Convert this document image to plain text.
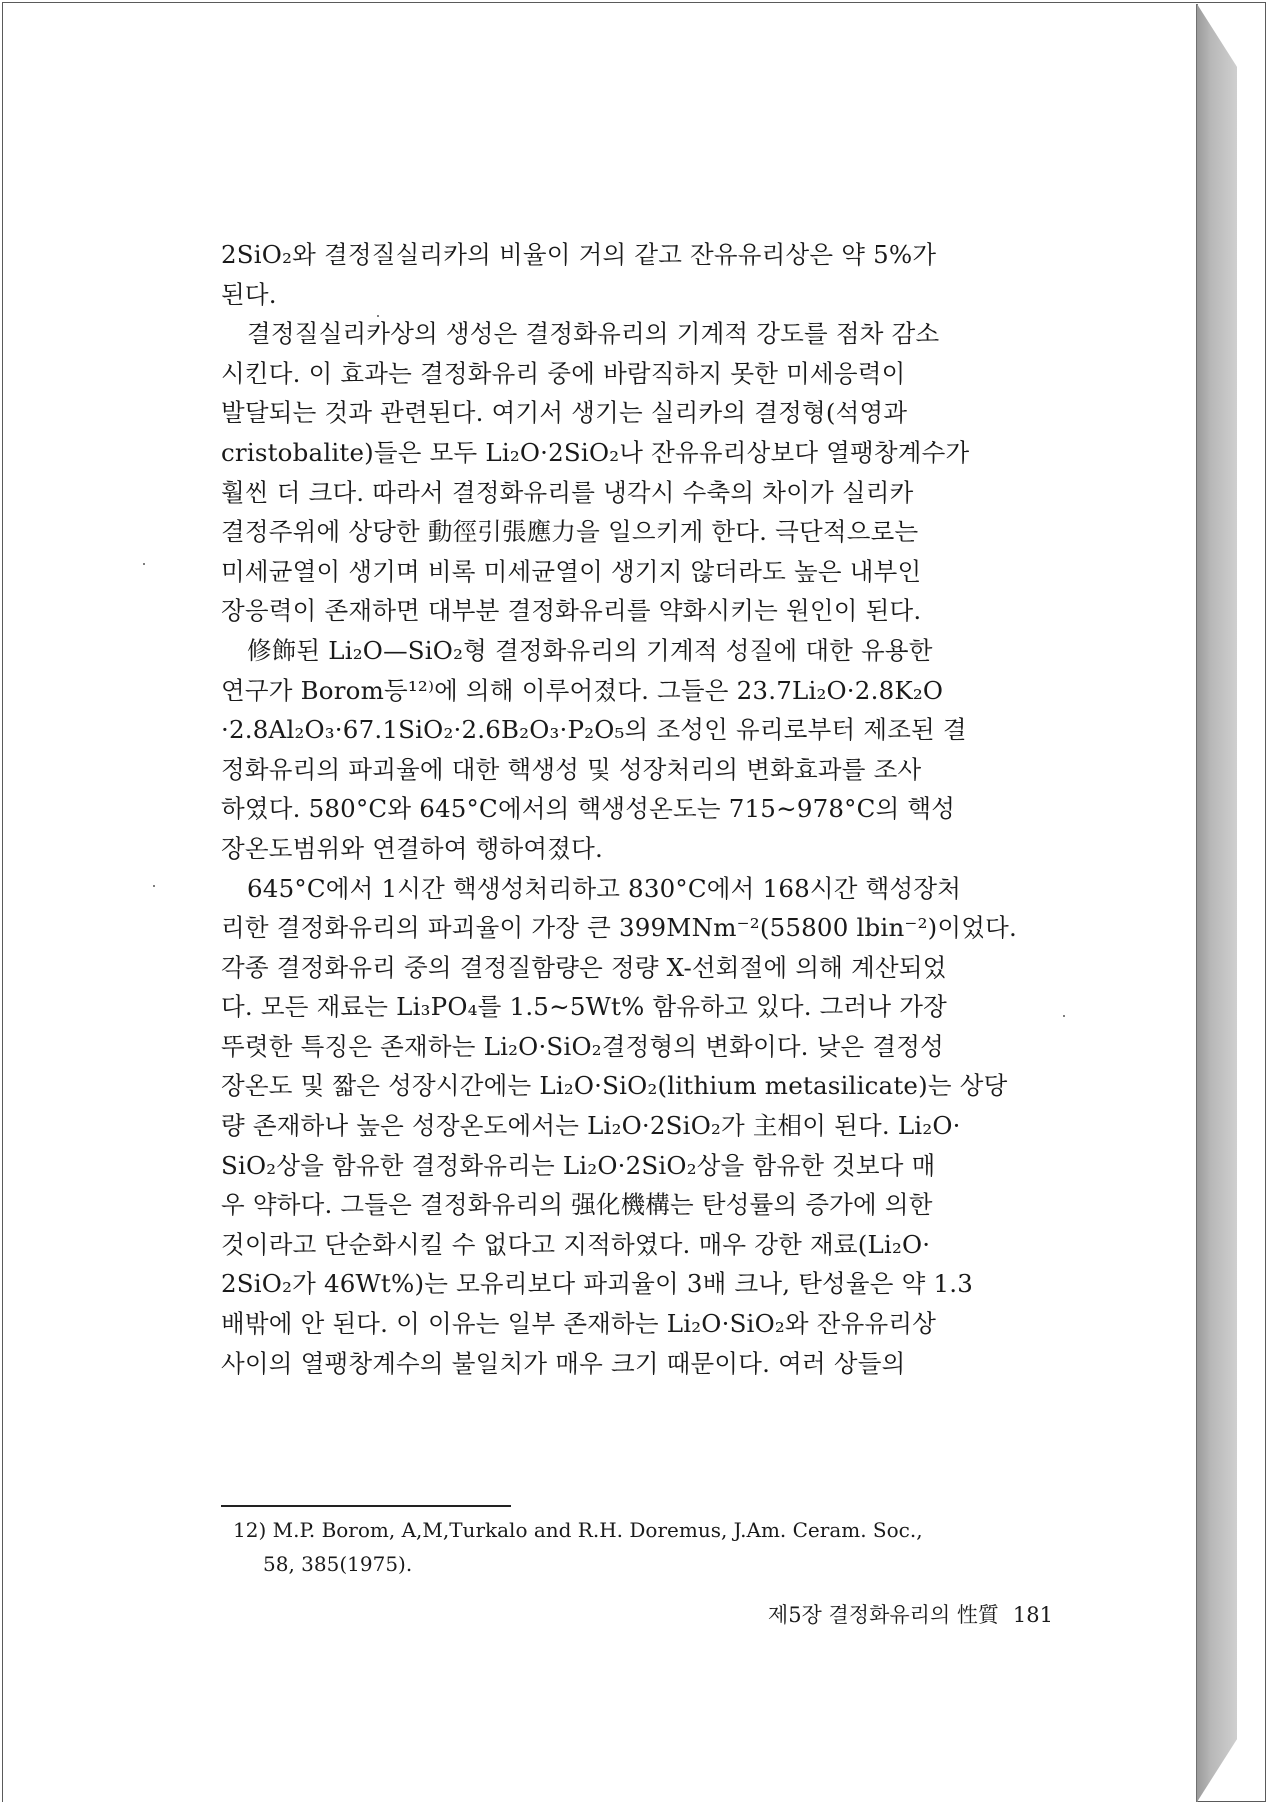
2SiO₂와 결정질실리카의 비율이 거의 같고 잔유유리상은 약 5%가
된다.
결정질실리카상의 생성은 결정화유리의 기계적 강도를 점차 감소
시킨다. 이 효과는 결정화유리 중에 바람직하지 못한 미세응력이
발달되는 것과 관련된다. 여기서 생기는 실리카의 결정형(석영과
cristobalite)들은 모두 Li₂O·2SiO₂나 잔유유리상보다 열팽창계수가
훨씬 더 크다. 따라서 결정화유리를 냉각시 수축의 차이가 실리카
결정주위에 상당한 動徑引張應力을 일으키게 한다. 극단적으로는
미세균열이 생기며 비록 미세균열이 생기지 않더라도 높은 내부인
장응력이 존재하면 대부분 결정화유리를 약화시키는 원인이 된다.
修飾된 Li₂O—SiO₂형 결정화유리의 기계적 성질에 대한 유용한
연구가 Borom등¹²⁾에 의해 이루어졌다. 그들은 23.7Li₂O·2.8K₂O
·2.8Al₂O₃·67.1SiO₂·2.6B₂O₃·P₂O₅의 조성인 유리로부터 제조된 결
정화유리의 파괴율에 대한 핵생성 및 성장처리의 변화효과를 조사
하였다. 580°C와 645°C에서의 핵생성온도는 715∼978°C의 핵성
장온도범위와 연결하여 행하여졌다.
645°C에서 1시간 핵생성처리하고 830°C에서 168시간 핵성장처
리한 결정화유리의 파괴율이 가장 큰 399MNm⁻²(55800 lbin⁻²)이었다.
각종 결정화유리 중의 결정질함량은 정량 X-선회절에 의해 계산되었
다. 모든 재료는 Li₃PO₄를 1.5∼5Wt% 함유하고 있다. 그러나 가장
뚜렷한 특징은 존재하는 Li₂O·SiO₂결정형의 변화이다. 낮은 결정성
장온도 및 짧은 성장시간에는 Li₂O·SiO₂(lithium metasilicate)는 상당
량 존재하나 높은 성장온도에서는 Li₂O·2SiO₂가 主相이 된다. Li₂O·
SiO₂상을 함유한 결정화유리는 Li₂O·2SiO₂상을 함유한 것보다 매
우 약하다. 그들은 결정화유리의 强化機構는 탄성률의 증가에 의한
것이라고 단순화시킬 수 없다고 지적하였다. 매우 강한 재료(Li₂O·
2SiO₂가 46Wt%)는 모유리보다 파괴율이 3배 크나, 탄성율은 약 1.3
배밖에 안 된다. 이 이유는 일부 존재하는 Li₂O·SiO₂와 잔유유리상
사이의 열팽창계수의 불일치가 매우 크기 때문이다. 여러 상들의
12) M.P. Borom, A,M,Turkalo and R.H. Doremus, J.Am. Ceram. Soc.,
58, 385(1975).
제5장 결정화유리의 性質 181
